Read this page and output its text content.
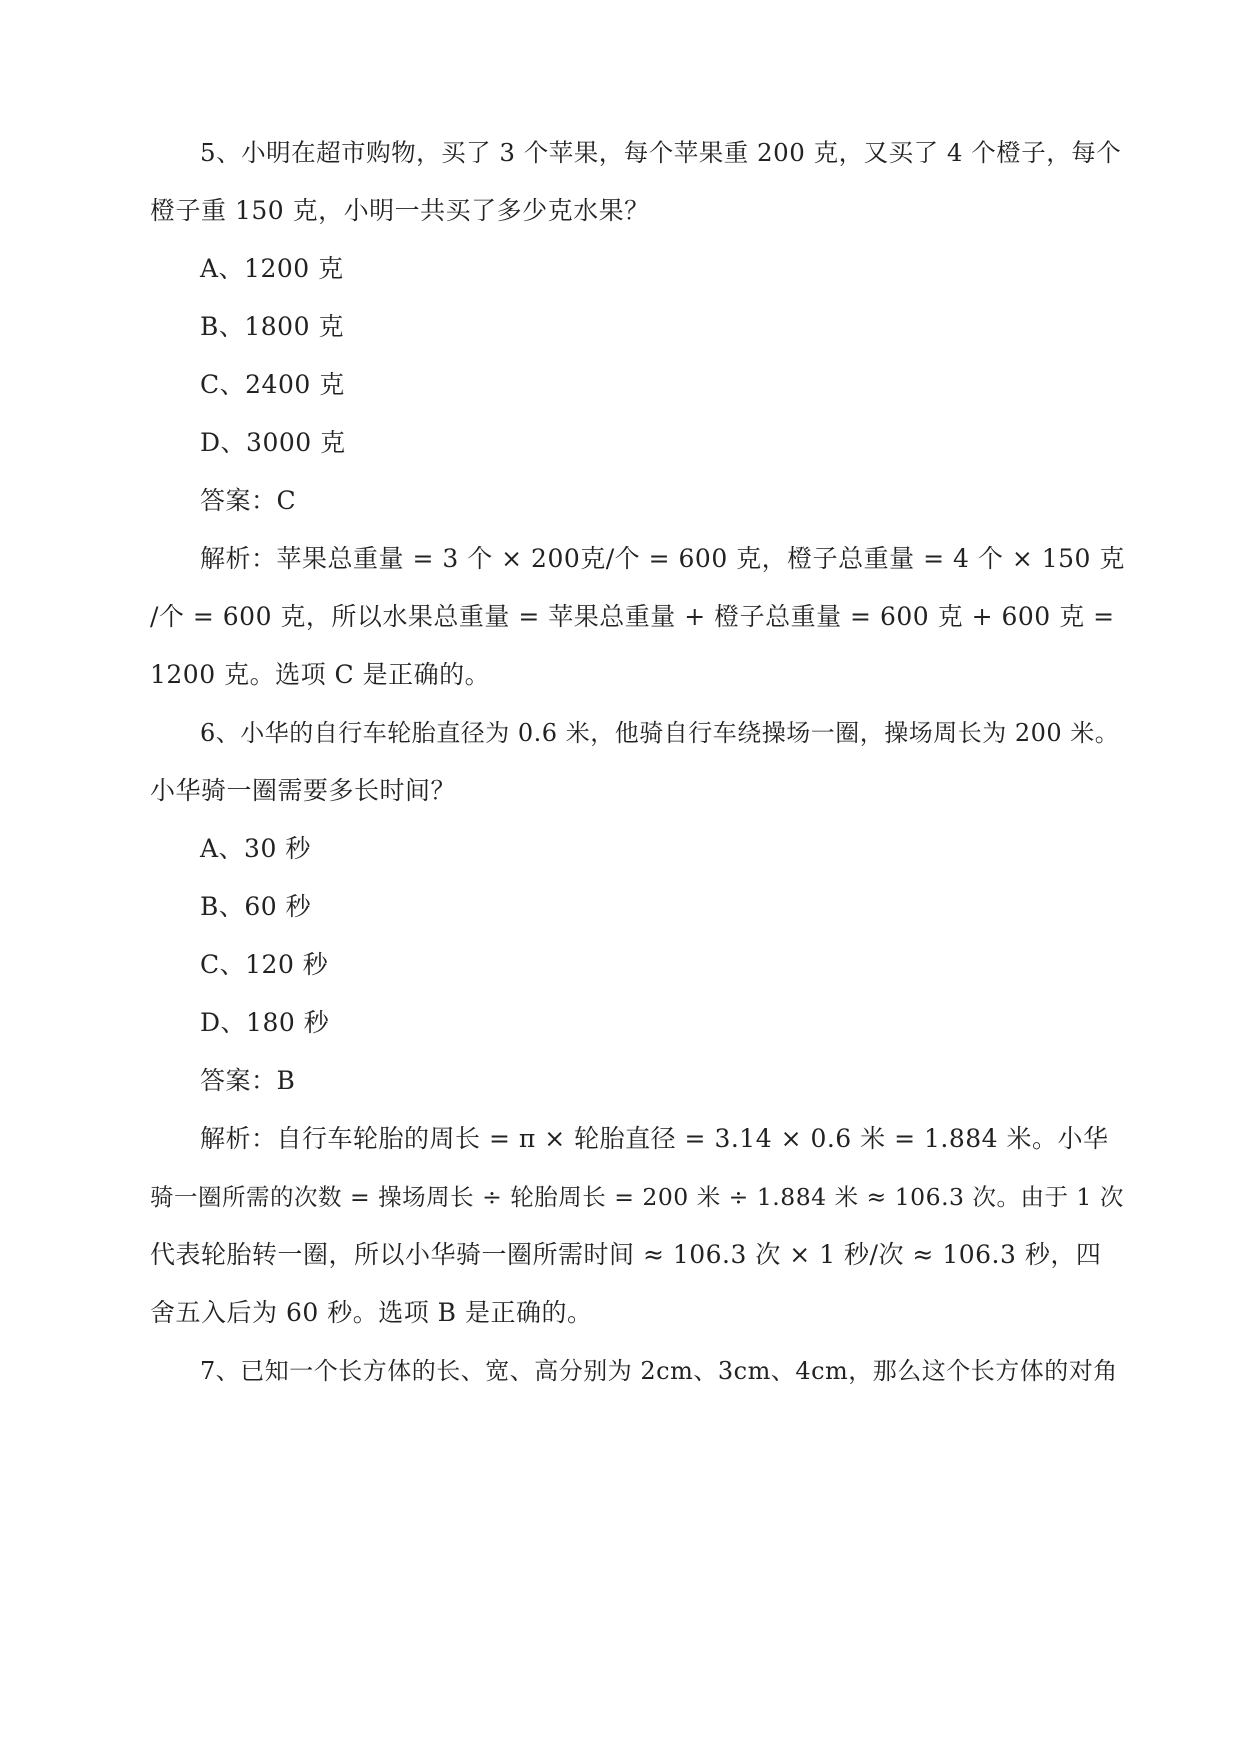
5、小明在超市购物，买了 3 个苹果，每个苹果重 200 克，又买了 4 个橙子，每个
橙子重 150 克，小明一共买了多少克水果？
A、1200 克
B、1800 克
C、2400 克
D、3000 克
答案：C
解析：苹果总重量 = 3 个 × 200克/个 = 600 克，橙子总重量 = 4 个 × 150 克
/个 = 600 克，所以水果总重量 = 苹果总重量 + 橙子总重量 = 600 克 + 600 克 =
1200 克。选项 C 是正确的。
6、小华的自行车轮胎直径为 0.6 米，他骑自行车绕操场一圈，操场周长为 200 米。
小华骑一圈需要多长时间？
A、30 秒
B、60 秒
C、120 秒
D、180 秒
答案：B
解析：自行车轮胎的周长 = π × 轮胎直径 = 3.14 × 0.6 米 = 1.884 米。小华
骑一圈所需的次数 = 操场周长 ÷ 轮胎周长 = 200 米 ÷ 1.884 米 ≈ 106.3 次。由于 1 次
代表轮胎转一圈，所以小华骑一圈所需时间 ≈ 106.3 次 × 1 秒/次 ≈ 106.3 秒，四
舍五入后为 60 秒。选项 B 是正确的。
7、已知一个长方体的长、宽、高分别为 2cm、3cm、4cm，那么这个长方体的对角
